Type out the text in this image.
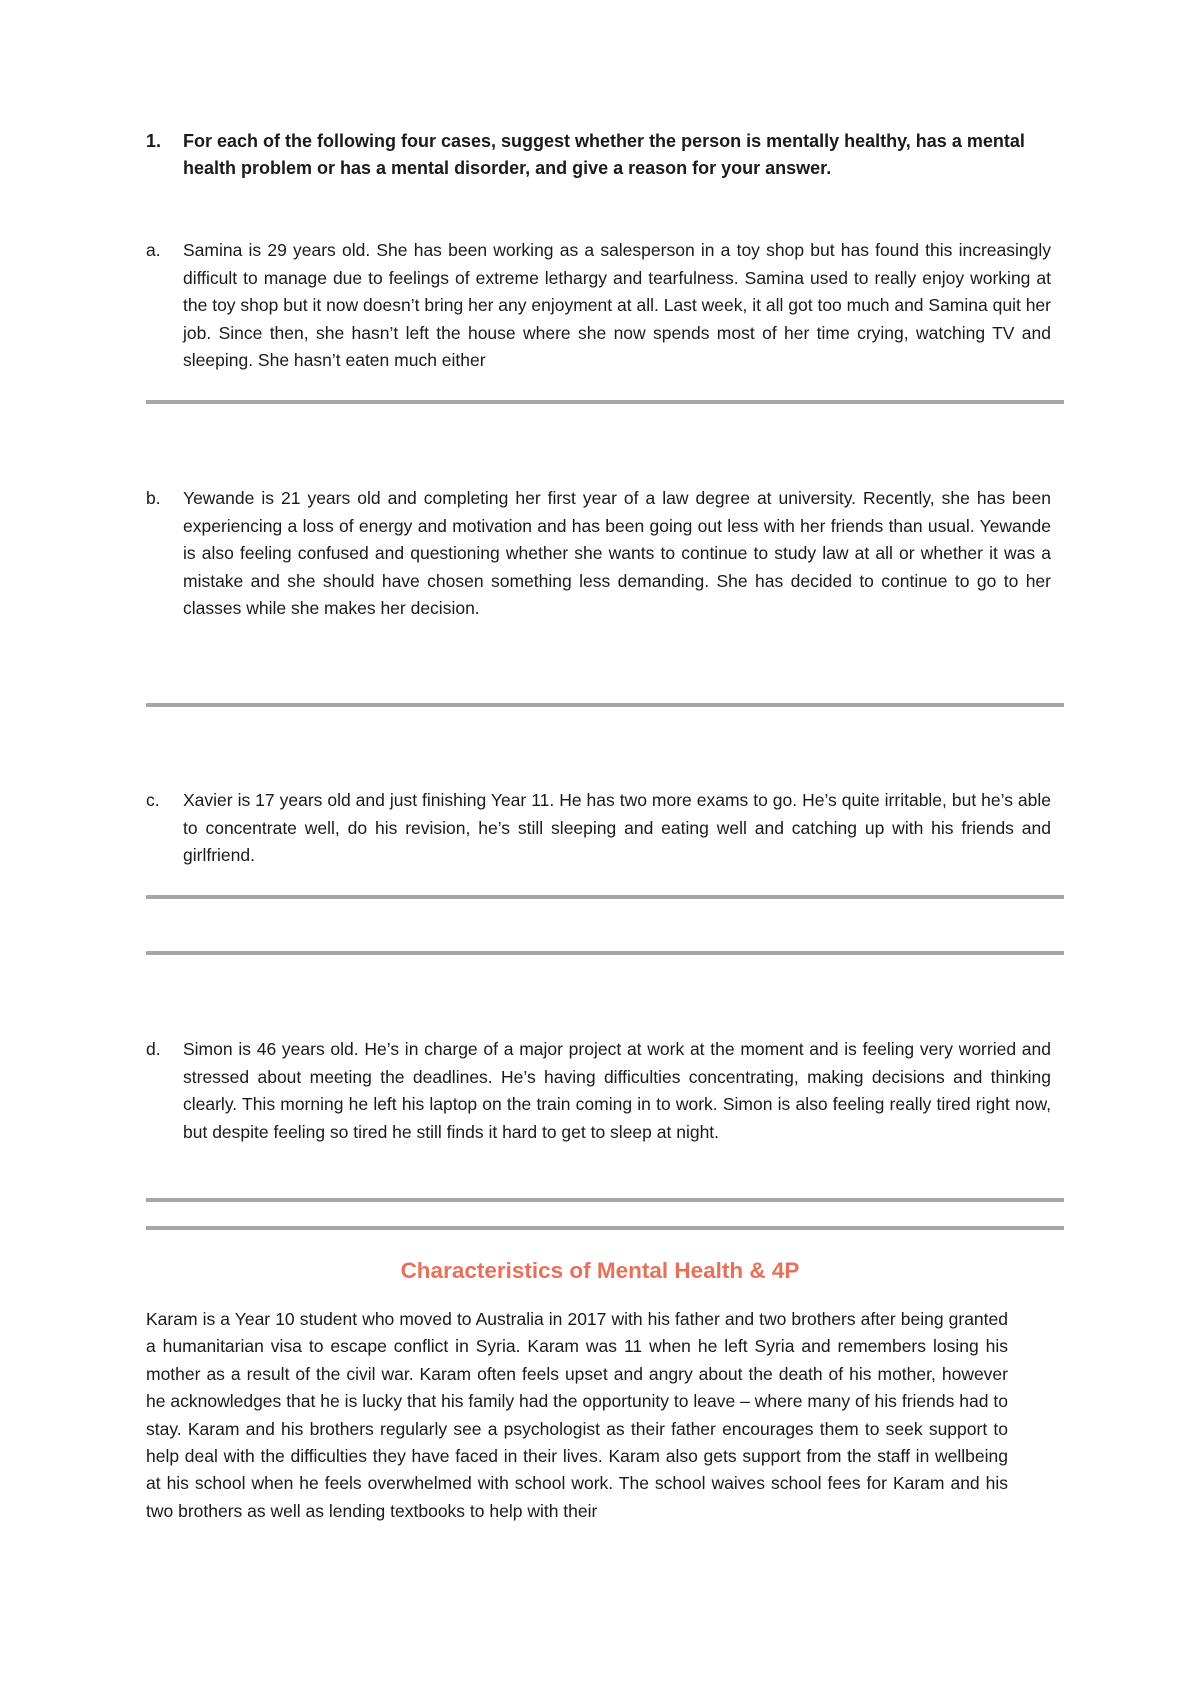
1. For each of the following four cases, suggest whether the person is mentally healthy, has a mental health problem or has a mental disorder, and give a reason for your answer.
a. Samina is 29 years old. She has been working as a salesperson in a toy shop but has found this increasingly difficult to manage due to feelings of extreme lethargy and tearfulness. Samina used to really enjoy working at the toy shop but it now doesn’t bring her any enjoyment at all. Last week, it all got too much and Samina quit her job. Since then, she hasn’t left the house where she now spends most of her time crying, watching TV and sleeping. She hasn’t eaten much either
b. Yewande is 21 years old and completing her first year of a law degree at university. Recently, she has been experiencing a loss of energy and motivation and has been going out less with her friends than usual. Yewande is also feeling confused and questioning whether she wants to continue to study law at all or whether it was a mistake and she should have chosen something less demanding. She has decided to continue to go to her classes while she makes her decision.
c. Xavier is 17 years old and just finishing Year 11. He has two more exams to go. He’s quite irritable, but he’s able to concentrate well, do his revision, he’s still sleeping and eating well and catching up with his friends and girlfriend.
d. Simon is 46 years old. He’s in charge of a major project at work at the moment and is feeling very worried and stressed about meeting the deadlines. He’s having difficulties concentrating, making decisions and thinking clearly. This morning he left his laptop on the train coming in to work. Simon is also feeling really tired right now, but despite feeling so tired he still finds it hard to get to sleep at night.
Characteristics of Mental Health & 4P
Karam is a Year 10 student who moved to Australia in 2017 with his father and two brothers after being granted a humanitarian visa to escape conflict in Syria. Karam was 11 when he left Syria and remembers losing his mother as a result of the civil war. Karam often feels upset and angry about the death of his mother, however he acknowledges that he is lucky that his family had the opportunity to leave – where many of his friends had to stay. Karam and his brothers regularly see a psychologist as their father encourages them to seek support to help deal with the difficulties they have faced in their lives. Karam also gets support from the staff in wellbeing at his school when he feels overwhelmed with school work. The school waives school fees for Karam and his two brothers as well as lending textbooks to help with their
